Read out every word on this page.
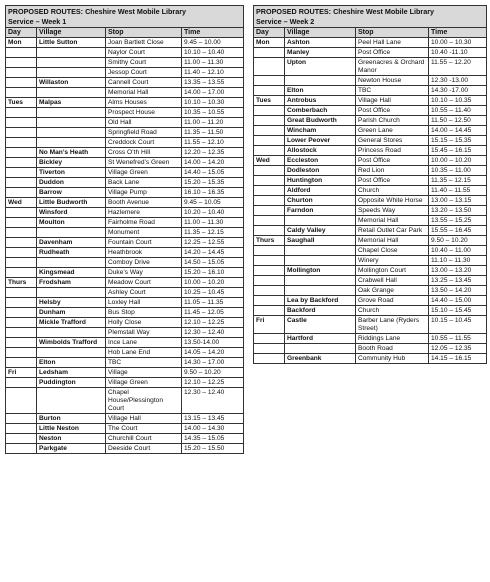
PROPOSED ROUTES: Cheshire West Mobile Library
Service – Week 1			
Day	Village	Stop	Time
Mon	Little Sutton	Joan Bartlett Close	9.45 – 10.00
		Naylor Court	10.10 – 10.40
		Smithy Court	11.00 – 11.30
		Jessop Court	11.40 – 12.10
	Willaston	Cannell Court	13.35 – 13.55
		Memorial Hall	14.00 – 17.00
Tues	Malpas	Alms Houses	10.10 – 10.30
		Prospect House	10.35 – 10.55
		Old Hall	11.00 – 11.20
		Springfield Road	11.35 – 11.50
		Creddock Court	11.55 – 12.10
	No Man’s Heath	Cross O’th Hill	12.20 – 12.35
	Bickley	St Wenefred’s Green	14.00 – 14.20
	Tiverton	Village Green	14.40 – 15.05
	Duddon	Back Lane	15.20 – 15.35
	Barrow	Village Pump	16.10 – 16.35
Wed	Little Budworth	Booth Avenue	9.45 – 10.05
	Winsford	Hazlemere	10.20 – 10.40
	Moulton	Fairholme Road	11.00 – 11.30
		Monument	11.35 – 12.15
	Davenham	Fountain Court	12.25 – 12.55
	Rudheath	Heathbrook	14.20 – 14.45
		Comboy Drive	14.50 – 15.05
	Kingsmead	Duke’s Way	15.20 – 16.10
Thurs	Frodsham	Meadow Court	10.00 – 10.20
		Ashley Court	10.25 – 10.45
	Helsby	Loxley Hall	11.05 – 11.35
	Dunham	Bus Stop	11.45 – 12.05
	Mickle Trafford	Holly Close	12.10 – 12.25
		Plemstall Way	12.30 – 12.40
	Wimbolds Trafford	Ince Lane	13.50-14.00
		Hob Lane End	14.05 – 14.20
	Elton	TBC	14.30 – 17.00
Fri	Ledsham	Village	9.50 – 10.20
	Puddington	Village Green	12.10 – 12.25
		Chapel House/Plessington Court	12.30 – 12.40
	Burton	Village Hall	13.15 – 13.45
	Little Neston	The Court	14.00 – 14.30
	Neston	Churchill Court	14.35 – 15.05
	Parkgate	Deeside Court	15.20 – 15.50
PROPOSED ROUTES: Cheshire West Mobile Library
Service – Week 2			
Day	Village	Stop	Time
Mon	Ashton	Peel Hall Lane	10.00 – 10.30
	Manley	Post Office	10.40 -11.10
	Upton	Greenacres & Orchard Manor	11.55 – 12.20
		Newton House	12.30 -13.00
	Elton	TBC	14.30 -17.00
Tues	Antrobus	Village Hall	10.10 – 10.35
	Comberbach	Post Office	10.55 – 11.40
	Great Budworth	Parish Church	11.50 – 12.50
	Wincham	Green Lane	14.00 – 14.45
	Lower Peover	General Stores	15.15 – 15.35
	Allostock	Princess Road	15.45 – 16.15
Wed	Eccleston	Post Office	10.00 – 10.20
	Dodleston	Red Lion	10.35 – 11.00
	Huntington	Post Office	11.35 – 12.15
	Aldford	Church	11.40 – 11.55
	Churton	Opposite White Horse	13.00 – 13.15
	Farndon	Speeds Way	13.20 – 13.50
		Memorial Hall	13.55 – 15.25
	Caldy Valley	Retail Outlet Car Park	15.55 – 16.45
Thurs	Saughall	Memorial Hall	9.50 – 10.20
		Chapel Close	10.40 – 11.00
		Winery	11.10 – 11.30
	Mollington	Mollington Court	13.00 – 13.20
		Crabwell Hall	13.25 – 13.45
		Oak Grange	13.50 – 14.20
	Lea by Backford	Grove Road	14.40 – 15.00
	Backford	Church	15.10 – 15.45
Fri	Castle	Barber Lane (Ryders Street)	10.15 – 10.45
	Hartford	Riddings Lane	10.55 – 11.55
		Booth Road	12.05 – 12.35
	Greenbank	Community Hub	14.15 – 16.15
